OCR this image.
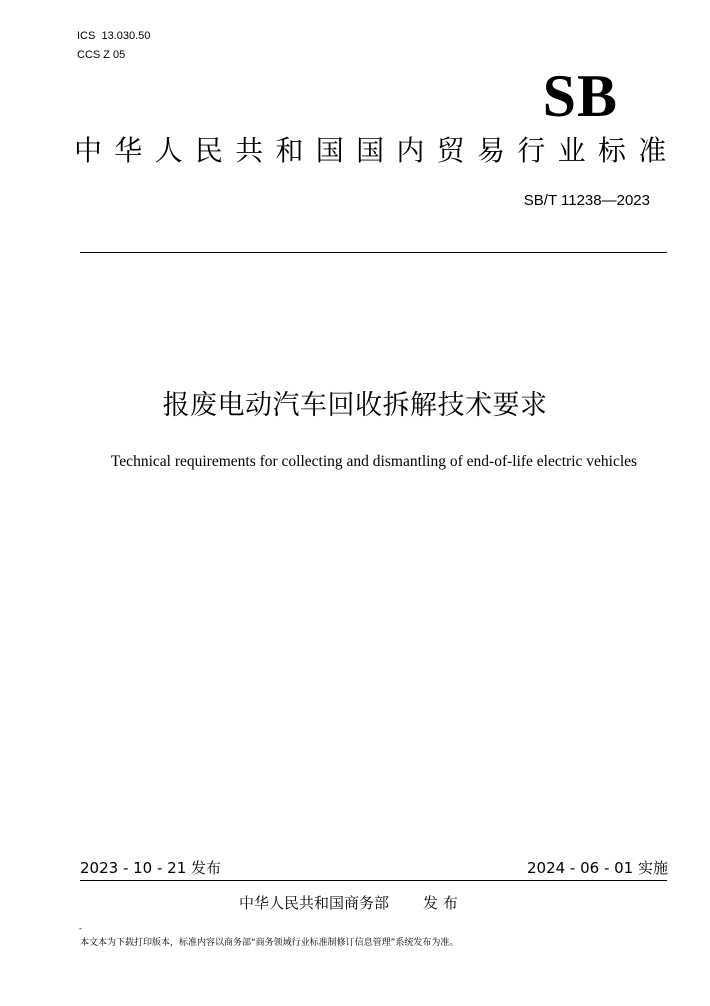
ICS  13.030.50
CCS Z 05
SB
中华人民共和国国内贸易行业标准
SB/T 11238—2023
报废电动汽车回收拆解技术要求
Technical requirements for collecting and dismantling of end-of-life electric vehicles
2023 - 10 - 21 发布	2024 - 06 - 01 实施
中华人民共和国商务部 发 布
-
本文本为下载打印版本，标准内容以商务部“商务领域行业标准制修订信息管理”系统发布为准。
